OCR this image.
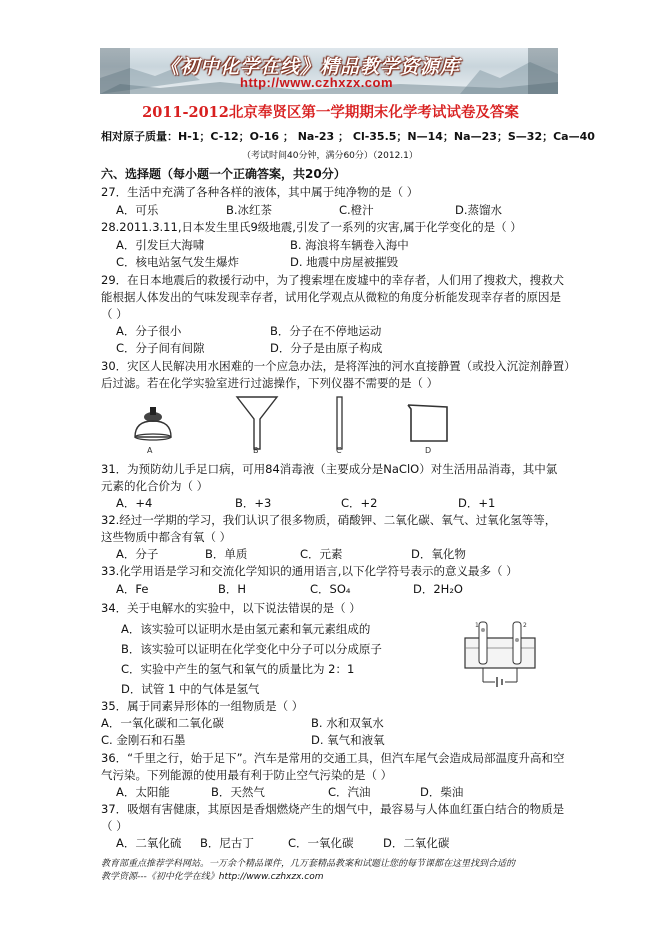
《初中化学在线》精品教学资源库
http://www.czhxzx.com
2011-2012北京奉贤区第一学期期末化学考试试卷及答案
相对原子质量：H-1；C-12；O-16 ； Na-23 ； Cl-35.5；N—14；Na—23；S—32；Ca—40
（考试时间40分钟，满分60分）（2012.1）
六、选择题（每小题一个正确答案，共20分）
27．生活中充满了各种各样的液体，其中属于纯净物的是（ ）
A．可乐	B.冰红茶	C.橙汁	D.蒸馏水
28.2011.3.11,日本发生里氏9级地震,引发了一系列的灾害,属于化学变化的是（ ）
A．引发巨大海啸	B. 海浪将车辆卷入海中
C．核电站氢气发生爆炸	D. 地震中房屋被摧毁
29．在日本地震后的救援行动中，为了搜索埋在废墟中的幸存者，人们用了搜救犬，搜救犬
能根据人体发出的气味发现幸存者，试用化学观点从微粒的角度分析能发现幸存者的原因是
（ ）
A．分子很小	B．分子在不停地运动
C．分子间有间隙	D．分子是由原子构成
30．灾区人民解决用水困难的一个应急办法，是将浑浊的河水直接静置（或投入沉淀剂静置）
后过滤。若在化学实验室进行过滤操作，下列仪器不需要的是（ ）
A	B	C	D
31．为预防幼儿手足口病，可用84消毒液（主要成分是NaClO）对生活用品消毒，其中氯
元素的化合价为（ ）
A．+4	B．+3	C．+2	D．+1
32.经过一学期的学习，我们认识了很多物质，硝酸钾、二氧化碳、氧气、过氧化氢等等，
这些物质中都含有氧（ ）
A．分子	B．单质	C．元素	D．氧化物
33.化学用语是学习和交流化学知识的通用语言,以下化学符号表示的意义最多（ ）
A．Fe	B．H	C．SO₄	D．2H₂O
34．关于电解水的实验中，以下说法错误的是（ ）
A．该实验可以证明水是由氢元素和氧元素组成的
B．该实验可以证明在化学变化中分子可以分成原子
C．实验中产生的氢气和氧气的质量比为 2：1
D．试管 1 中的气体是氢气
1	2
35．属于同素异形体的一组物质是（ ）
A．一氧化碳和二氧化碳	B. 水和双氧水
C. 金刚石和石墨	D. 氧气和液氧
36．“千里之行，始于足下”。汽车是常用的交通工具，但汽车尾气会造成局部温度升高和空
气污染。下列能源的使用最有利于防止空气污染的是（ ）
A．太阳能	B．天然气	C．汽油	D．柴油
37．吸烟有害健康，其原因是香烟燃烧产生的烟气中，最容易与人体血红蛋白结合的物质是
（ ）
A．二氧化硫 B．尼古丁	C．一氧化碳	D．二氧化碳
教育部重点推荐学科网站。一万余个精品课件，几万套精品教案和试题让您的每节课都在这里找到合适的
教学资源---《初中化学在线》http://www.czhxzx.com
